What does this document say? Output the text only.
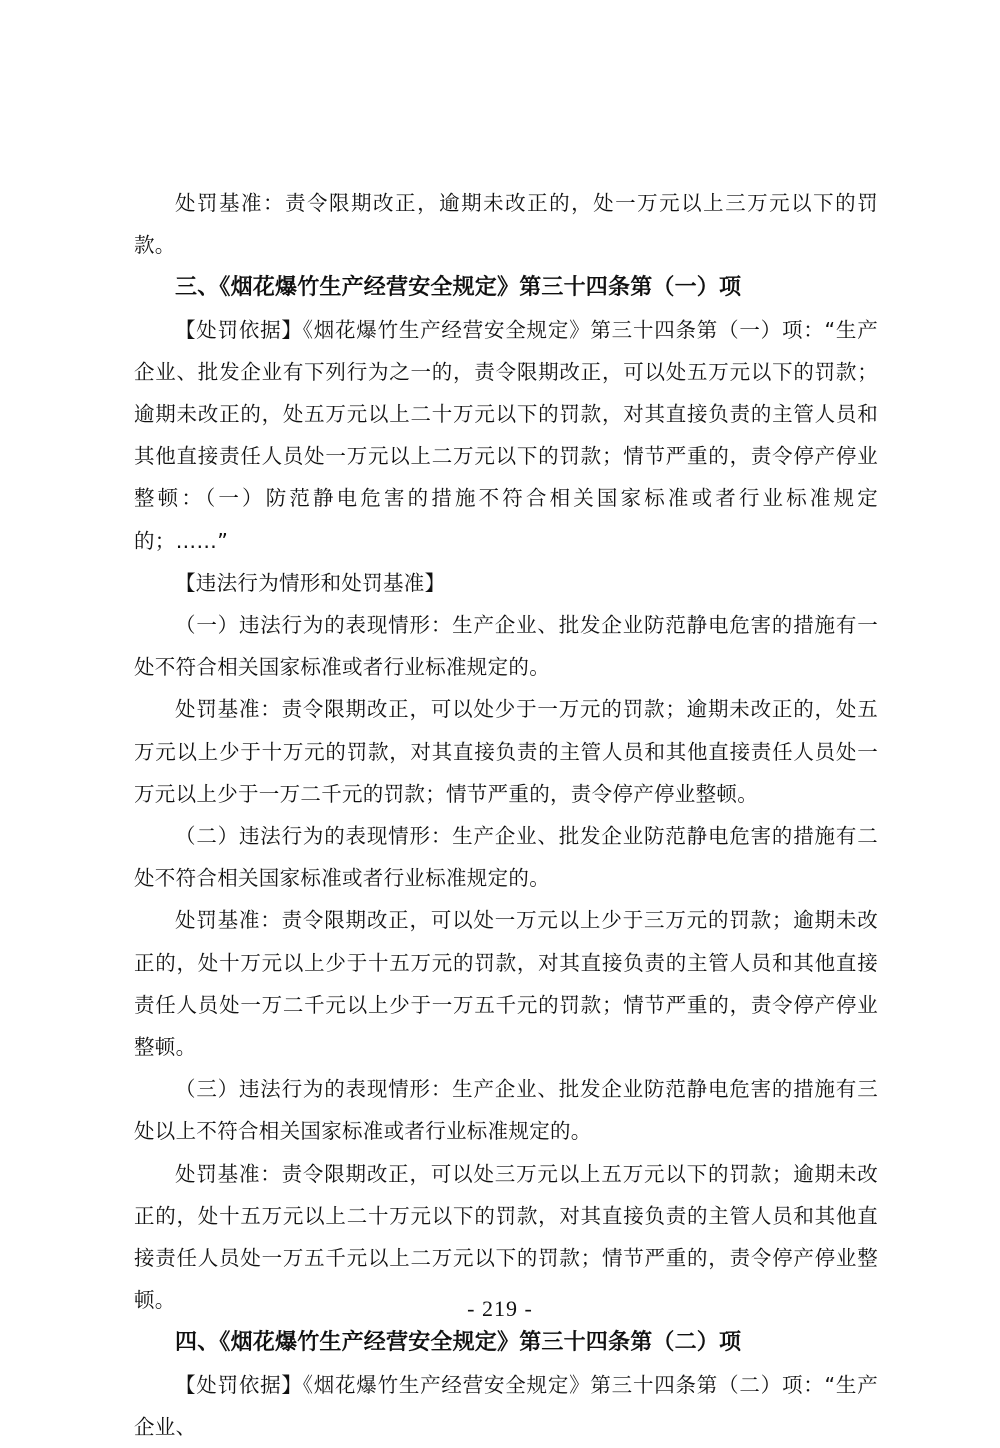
处罚基准：责令限期改正，逾期未改正的，处一万元以上三万元以下的罚款。

三、《烟花爆竹生产经营安全规定》第三十四条第（一）项

【处罚依据】《烟花爆竹生产经营安全规定》第三十四条第（一）项：“生产企业、批发企业有下列行为之一的，责令限期改正，可以处五万元以下的罚款；逾期未改正的，处五万元以上二十万元以下的罚款，对其直接负责的主管人员和其他直接责任人员处一万元以上二万元以下的罚款；情节严重的，责令停产停业整顿：（一）防范静电危害的措施不符合相关国家标准或者行业标准规定的；……”

【违法行为情形和处罚基准】

（一）违法行为的表现情形：生产企业、批发企业防范静电危害的措施有一处不符合相关国家标准或者行业标准规定的。

处罚基准：责令限期改正，可以处少于一万元的罚款；逾期未改正的，处五万元以上少于十万元的罚款，对其直接负责的主管人员和其他直接责任人员处一万元以上少于一万二千元的罚款；情节严重的，责令停产停业整顿。

（二）违法行为的表现情形：生产企业、批发企业防范静电危害的措施有二处不符合相关国家标准或者行业标准规定的。

处罚基准：责令限期改正，可以处一万元以上少于三万元的罚款；逾期未改正的，处十万元以上少于十五万元的罚款，对其直接负责的主管人员和其他直接责任人员处一万二千元以上少于一万五千元的罚款；情节严重的，责令停产停业整顿。

（三）违法行为的表现情形：生产企业、批发企业防范静电危害的措施有三处以上不符合相关国家标准或者行业标准规定的。

处罚基准：责令限期改正，可以处三万元以上五万元以下的罚款；逾期未改正的，处十五万元以上二十万元以下的罚款，对其直接负责的主管人员和其他直接责任人员处一万五千元以上二万元以下的罚款；情节严重的，责令停产停业整顿。

四、《烟花爆竹生产经营安全规定》第三十四条第（二）项

【处罚依据】《烟花爆竹生产经营安全规定》第三十四条第（二）项：“生产企业、

- 219 -
